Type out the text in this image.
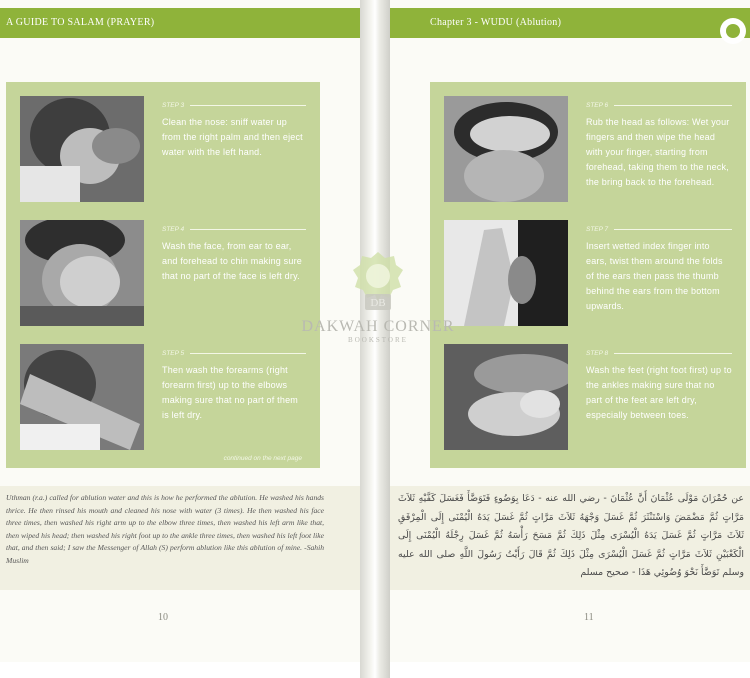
A GUIDE TO SALAM (PRAYER)
STEP 3
Clean the nose: sniff water up from the right palm and then eject water with the left hand.
STEP 4
Wash the face, from ear to ear, and forehead to chin making sure that no part of the face is left dry.
STEP 5
Then wash the forearms (right forearm first) up to the elbows making sure that no part of them is left dry.
continued on the next page
Uthman (r.a.) called for ablution water and this is how he performed the ablution. He washed his hands thrice. He then rinsed his mouth and cleaned his nose with water (3 times). He then washed his face three times, then washed his right arm up to the elbow three times, then washed his left arm like that, then wiped his head; then washed his right foot up to the ankle three times, then washed his left foot like that, and then said; I saw the Messenger of Allah (S) perform ablution like this ablution of mine. -Sahih Muslim
10
Chapter 3 - WUDU (Ablution)
STEP 6
Rub the head as follows: Wet your fingers and then wipe the head with your finger, starting from forehead, taking them to the neck, the bring back to the forehead.
STEP 7
Insert wetted index finger into ears, twist them around the folds of the ears then pass the thumb behind the ears from the bottom upwards.
STEP 8
Wash the feet (right foot first) up to the ankles making sure that no part of the feet are left dry, especially between toes.
عن حُمْرَانَ مَوْلَى عُثْمَانَ أَنَّ عُثْمَانَ - رضي الله عنه - دَعَا بِوَضُوءٍ فَتَوَضَّأَ فَغَسَلَ كَفَّيْهِ ثَلاَثَ مَرَّاتٍ ثُمَّ مَضْمَضَ وَاسْتَنْثَرَ ثُمَّ غَسَلَ وَجْهَهُ ثَلاَثَ مَرَّاتٍ ثُمَّ غَسَلَ يَدَهُ الْيُمْنَى إِلَى الْمِرْفَقِ ثَلاَثَ مَرَّاتٍ ثُمَّ غَسَلَ يَدَهُ الْيُسْرَى مِثْلَ ذَلِكَ ثُمَّ مَسَحَ رَأْسَهُ ثُمَّ غَسَلَ رِجْلَهُ الْيُمْنَى إِلَى الْكَعْبَيْنِ ثَلاَثَ مَرَّاتٍ ثُمَّ غَسَلَ الْيُسْرَى مِثْلَ ذَلِكَ ثُمَّ قَالَ رَأَيْتُ رَسُولَ اللَّهِ صلى الله عليه وسلم تَوَضَّأَ نَحْوَ وُضُوئِي هَذَا - صحيح مسلم
11
DB
DAKWAH CORNER
BOOKSTORE
